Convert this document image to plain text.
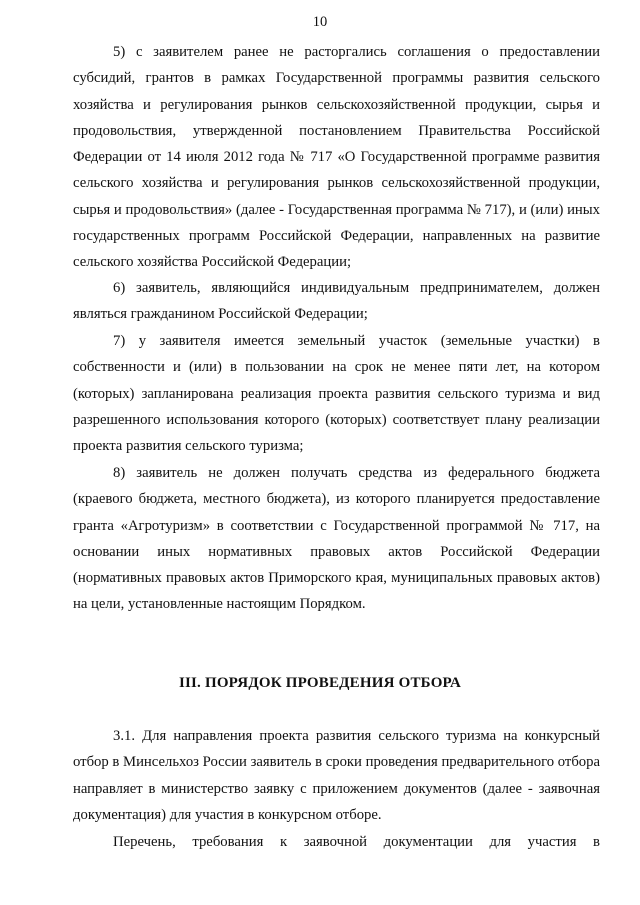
10

5) с заявителем ранее не расторгались соглашения о предоставлении субсидий, грантов в рамках Государственной программы развития сельского хозяйства и регулирования рынков сельскохозяйственной продукции, сырья и продовольствия, утвержденной постановлением Правительства Российской Федерации от 14 июля 2012 года № 717 «О Государственной программе развития сельского хозяйства и регулирования рынков сельскохозяйственной продукции, сырья и продовольствия» (далее - Государственная программа № 717), и (или) иных государственных программ Российской Федерации, направленных на развитие сельского хозяйства Российской Федерации;

6) заявитель, являющийся индивидуальным предпринимателем, должен являться гражданином Российской Федерации;

7) у заявителя имеется земельный участок (земельные участки) в собственности и (или) в пользовании на срок не менее пяти лет, на котором (которых) запланирована реализация проекта развития сельского туризма и вид разрешенного использования которого (которых) соответствует плану реализации проекта развития сельского туризма;

8) заявитель не должен получать средства из федерального бюджета (краевого бюджета, местного бюджета), из которого планируется предоставление гранта «Агротуризм» в соответствии с Государственной программой № 717, на основании иных нормативных правовых актов Российской Федерации (нормативных правовых актов Приморского края, муниципальных правовых актов) на цели, установленные настоящим Порядком.

III. ПОРЯДОК ПРОВЕДЕНИЯ ОТБОРА

3.1. Для направления проекта развития сельского туризма на конкурсный отбор в Минсельхоз России заявитель в сроки проведения предварительного отбора направляет в министерство заявку с приложением документов (далее - заявочная документация) для участия в конкурсном отборе.

Перечень, требования к заявочной документации для участия в
